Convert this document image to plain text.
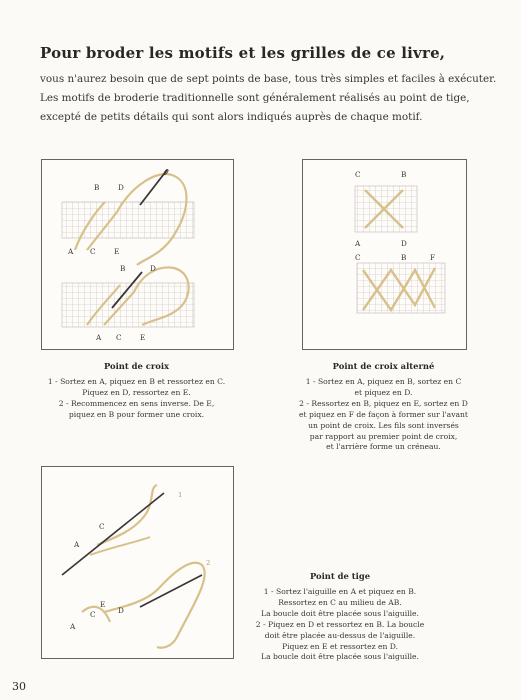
Pour broder les motifs et les grilles de ce livre,
vous n'aurez besoin que de sept points de base, tous très simples et faciles à exécuter.
Les motifs de broderie traditionnelle sont généralement réalisés au point de tige,
excepté de petits détails qui sont alors indiqués auprès de chaque motif.
B	D
A C	E
B	D
A C	E
Point de croix
1 - Sortez en A, piquez en B et ressortez en C.
Piquez en D, ressortez en E.
2 - Recommencez en sens inverse. De E,
piquez en B pour former une croix.
C	B
A	D
C	B	F
Point de croix alterné
1 - Sortez en A, piquez en B, sortez en C
et piquez en D.
2 - Ressortez en B, piquez en E, sortez en D
et piquez en F de façon à former sur l'avant
un point de croix. Les fils sont inversés
par rapport au premier point de croix,
et l'arrière forme un créneau.
A
C
A
C
E
D
1
2
Point de tige
1 - Sortez l'aiguille en A et piquez en B.
Ressortez en C au milieu de AB.
La boucle doit être placée sous l'aiguille.
2 - Piquez en D et ressortez en B. La boucle
doit être placée au-dessus de l'aiguille.
Piquez en E et ressortez en D.
La boucle doit être placée sous l'aiguille.
30
